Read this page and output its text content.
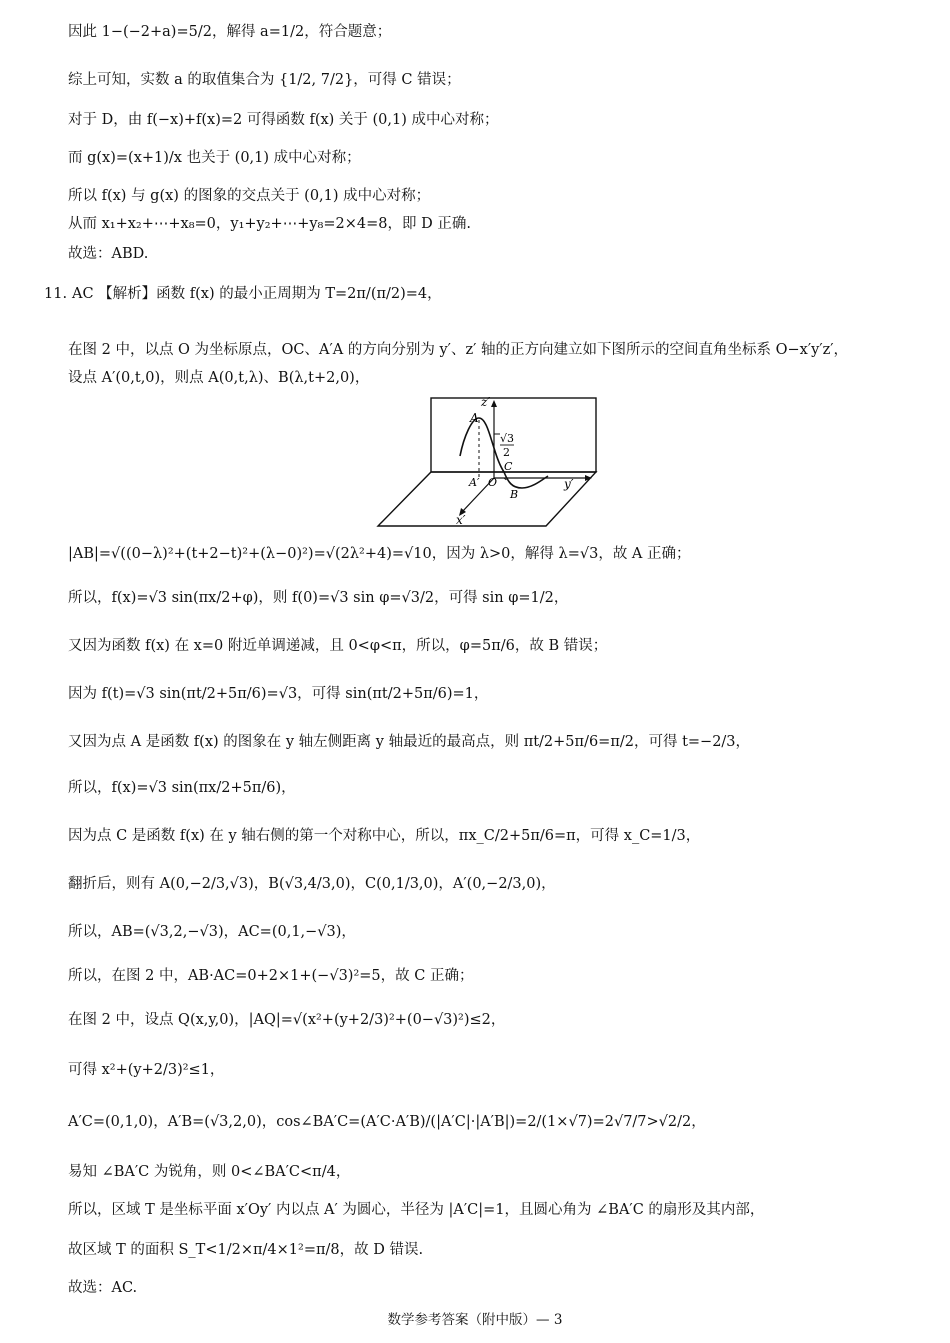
因此 1−(−2+a)=5/2，解得 a=1/2，符合题意；
综上可知，实数 a 的取值集合为 {1/2, 7/2}，可得 C 错误；
对于 D，由 f(−x)+f(x)=2 可得函数 f(x) 关于 (0,1) 成中心对称；
而 g(x)=(x+1)/x 也关于 (0,1) 成中心对称；
所以 f(x) 与 g(x) 的图象的交点关于 (0,1) 成中心对称；
从而 x₁+x₂+⋯+x₈=0，y₁+y₂+⋯+y₈=2×4=8，即 D 正确.
故选：ABD.
11. AC 【解析】函数 f(x) 的最小正周期为 T=2π/(π/2)=4，
在图 2 中，以点 O 为坐标原点，OC、A′A 的方向分别为 y′、z′ 轴的正方向建立如下图所示的空间直角坐标系 O−x′y′z′，
设点 A′(0,t,0)，则点 A(0,t,λ)、B(λ,t+2,0)，
z′
y′
x′
A
A′ O
B
C
√3
2
|AB|=√((0−λ)²+(t+2−t)²+(λ−0)²)=√(2λ²+4)=√10，因为 λ>0，解得 λ=√3，故 A 正确；
所以，f(x)=√3 sin(πx/2+φ)，则 f(0)=√3 sin φ=√3/2，可得 sin φ=1/2，
又因为函数 f(x) 在 x=0 附近单调递减，且 0<φ<π，所以，φ=5π/6，故 B 错误；
因为 f(t)=√3 sin(πt/2+5π/6)=√3，可得 sin(πt/2+5π/6)=1，
又因为点 A 是函数 f(x) 的图象在 y 轴左侧距离 y 轴最近的最高点，则 πt/2+5π/6=π/2，可得 t=−2/3，
所以，f(x)=√3 sin(πx/2+5π/6)，
因为点 C 是函数 f(x) 在 y 轴右侧的第一个对称中心，所以，πx_C/2+5π/6=π，可得 x_C=1/3，
翻折后，则有 A(0,−2/3,√3)，B(√3,4/3,0)，C(0,1/3,0)，A′(0,−2/3,0)，
所以，AB=(√3,2,−√3)，AC=(0,1,−√3)，
所以，在图 2 中，AB·AC=0+2×1+(−√3)²=5，故 C 正确；
在图 2 中，设点 Q(x,y,0)，|AQ|=√(x²+(y+2/3)²+(0−√3)²)≤2，
可得 x²+(y+2/3)²≤1，
A′C=(0,1,0)，A′B=(√3,2,0)，cos∠BA′C=(A′C·A′B)/(|A′C|·|A′B|)=2/(1×√7)=2√7/7>√2/2，
易知 ∠BA′C 为锐角，则 0<∠BA′C<π/4，
所以，区域 T 是坐标平面 x′Oy′ 内以点 A′ 为圆心，半径为 |A′C|=1，且圆心角为 ∠BA′C 的扇形及其内部，
故区域 T 的面积 S_T<1/2×π/4×1²=π/8，故 D 错误.
故选：AC.
数学参考答案（附中版）— 3
